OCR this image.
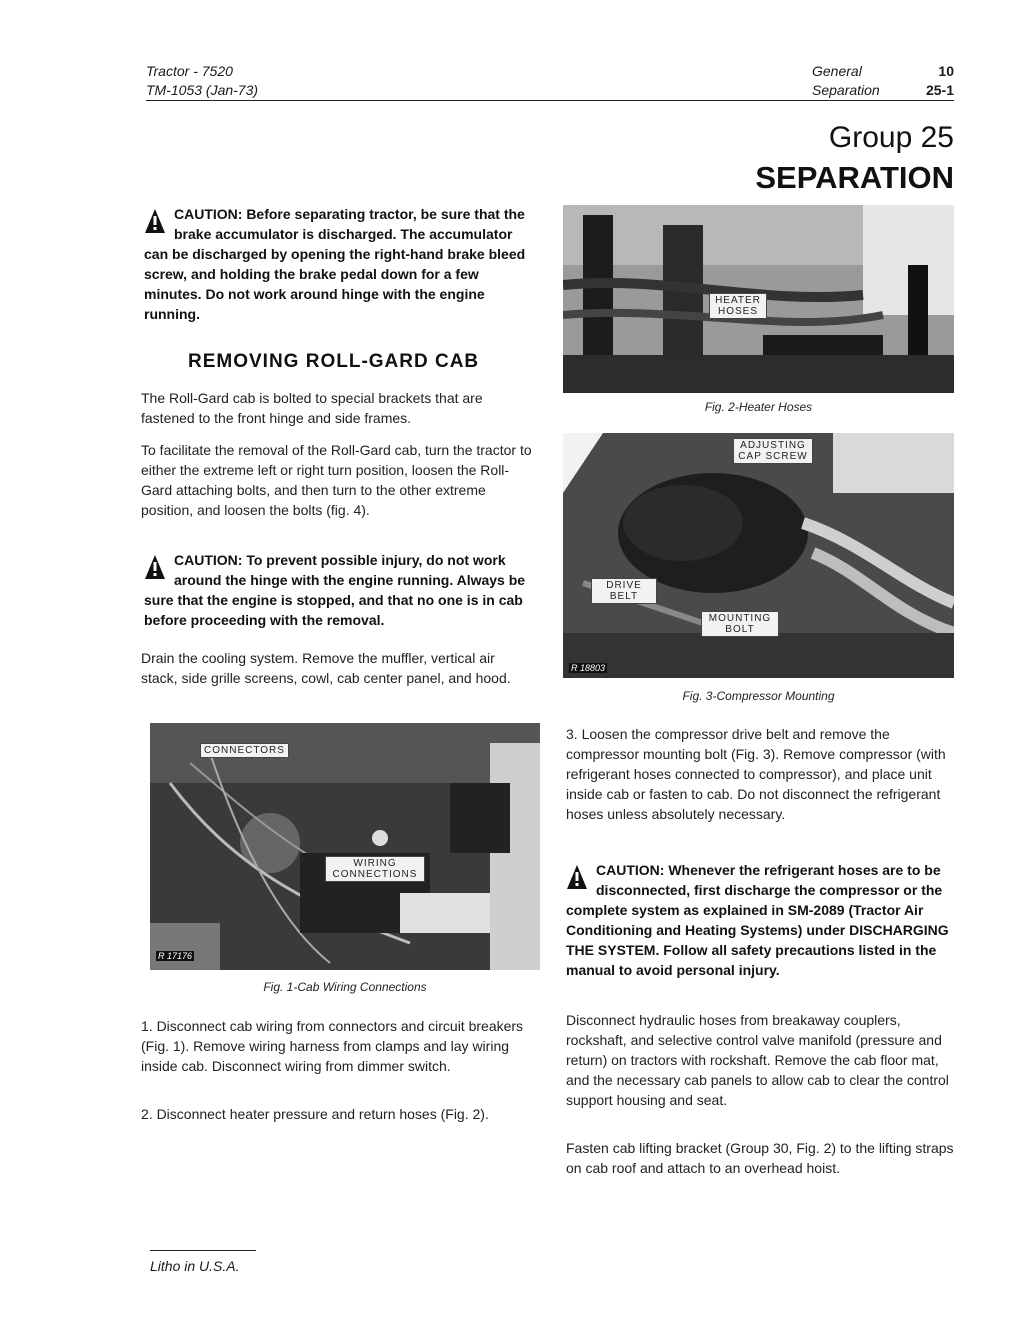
Tractor - 7520
TM-1053 (Jan-73)
General	10
Separation	25-1
Group 25
SEPARATION
CAUTION: Before separating tractor, be sure that the brake accumulator is discharged. The accumulator can be discharged by opening the right-hand brake bleed screw, and holding the brake pedal down for a few minutes. Do not work around hinge with the engine running.
REMOVING ROLL-GARD CAB
The Roll-Gard cab is bolted to special brackets that are fastened to the front hinge and side frames.
To facilitate the removal of the Roll-Gard cab, turn the tractor to either the extreme left or right turn position, loosen the Roll-Gard attaching bolts, and then turn to the other extreme position, and loosen the bolts (fig. 4).
CAUTION: To prevent possible injury, do not work around the hinge with the engine running. Always be sure that the engine is stopped, and that no one is in cab before proceeding with the removal.
Drain the cooling system. Remove the muffler, vertical air stack, side grille screens, cowl, cab center panel, and hood.
CONNECTORS
WIRING CONNECTIONS
R 17176
Fig. 1-Cab Wiring Connections
1. Disconnect cab wiring from connectors and circuit breakers (Fig. 1). Remove wiring harness from clamps and lay wiring inside cab. Disconnect wiring from dimmer switch.
2. Disconnect heater pressure and return hoses (Fig. 2).
HEATER HOSES
Fig. 2-Heater Hoses
ADJUSTING CAP SCREW
DRIVE BELT
MOUNTING BOLT
R 18803
Fig. 3-Compressor Mounting
3. Loosen the compressor drive belt and remove the compressor mounting bolt (Fig. 3). Remove compressor (with refrigerant hoses connected to compressor), and place unit inside cab or fasten to cab. Do not disconnect the refrigerant hoses unless absolutely necessary.
CAUTION: Whenever the refrigerant hoses are to be disconnected, first discharge the compressor or the complete system as explained in SM-2089 (Tractor Air Conditioning and Heating Systems) under DISCHARGING THE SYSTEM. Follow all safety precautions listed in the manual to avoid personal injury.
Disconnect hydraulic hoses from breakaway couplers, rockshaft, and selective control valve manifold (pressure and return) on tractors with rockshaft. Remove the cab floor mat, and the necessary cab panels to allow cab to clear the control support housing and seat.
Fasten cab lifting bracket (Group 30, Fig. 2) to the lifting straps on cab roof and attach to an overhead hoist.
Litho in U.S.A.
